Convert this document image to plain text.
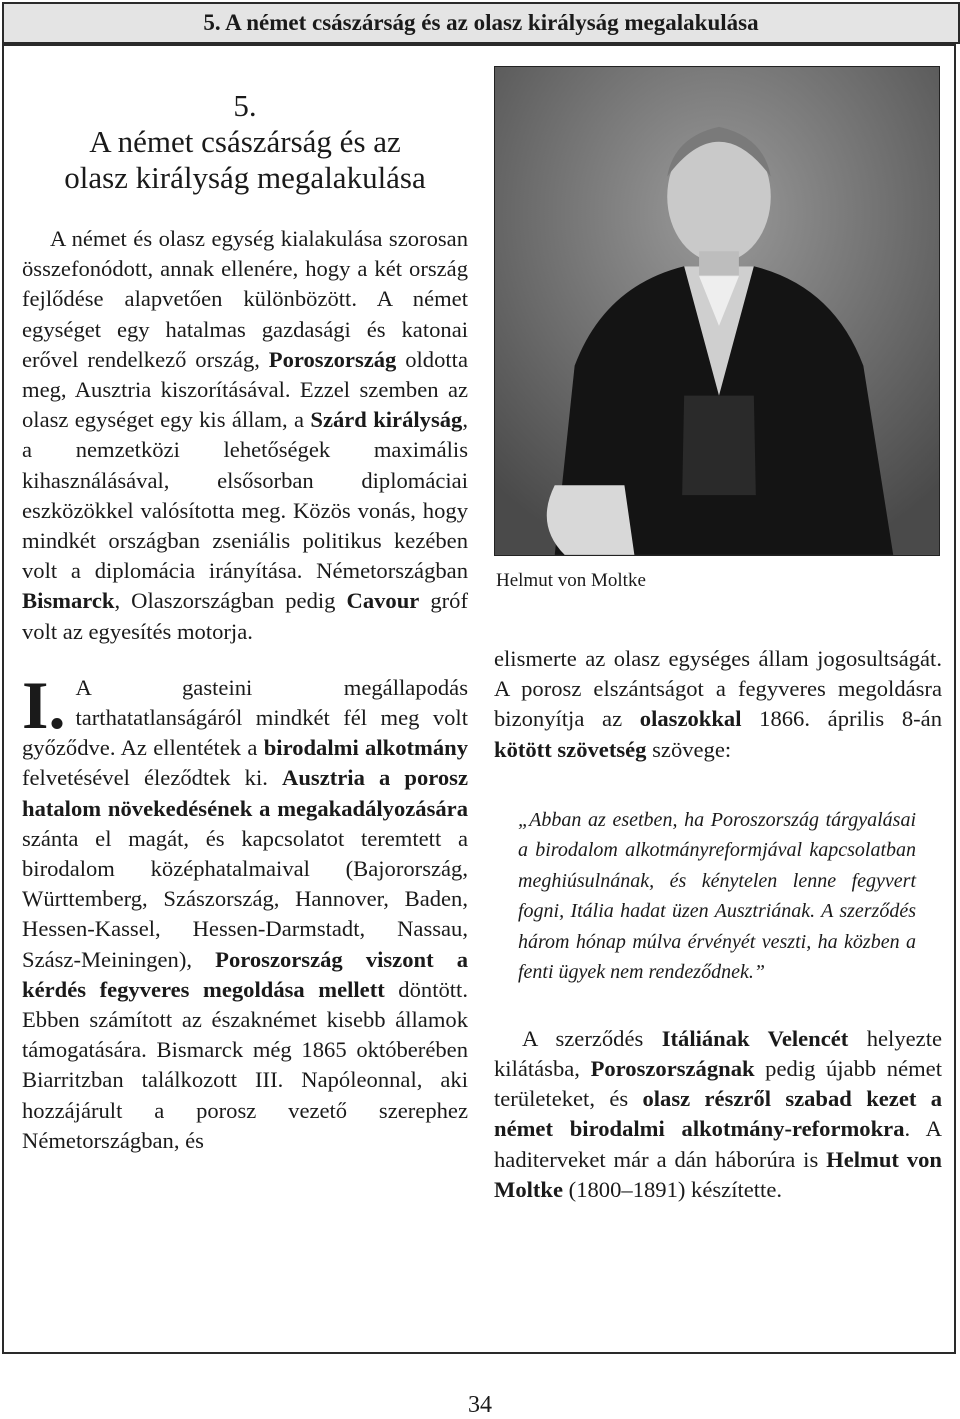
5. A német császárság és az olasz királyság megalakulása
5.
A német császárság és az
olasz királyság megalakulása

A német és olasz egység kialakulása szorosan összefonódott, annak ellenére, hogy a két ország fejlődése alapvetően különbözött. A német egységet egy hatalmas gazdasági és katonai erővel rendelkező ország, Poroszország oldotta meg, Ausztria kiszorításával. Ezzel szemben az olasz egységet egy kis állam, a Szárd királyság, a nemzetközi lehetőségek maximális kihasználásával, elsősorban diplomáciai eszközökkel valósította meg. Közös vonás, hogy mindkét országban zseniális politikus kezében volt a diplomácia irányítása. Németországban Bismarck, Olaszországban pedig Cavour gróf volt az egyesítés motorja.

I. A gasteini megállapodás tarthatatlanságáról mindkét fél meg volt győződve. Az ellentétek a birodalmi alkotmány felvetésével éleződtek ki. Ausztria a porosz hatalom növekedésének a megakadályozására szánta el magát, és kapcsolatot teremtett a birodalom középhatalmaival (Bajorország, Württemberg, Szászország, Hannover, Baden, Hessen-Kassel, Hessen-Darmstadt, Nassau, Szász-Meiningen), Poroszország viszont a kérdés fegyveres megoldása mellett döntött. Ebben számított az északnémet kisebb államok támogatására. Bismarck még 1865 októberében Biarritzban találkozott III. Napóleonnal, aki hozzájárult a porosz vezető szerephez Németországban, és

Helmut von Moltke

elismerte az olasz egységes állam jogosultságát. A porosz elszántságot a fegyveres megoldásra bizonyítja az olaszokkal 1866. április 8-án kötött szövetség szövege:

„Abban az esetben, ha Poroszország tárgyalásai a birodalom alkotmányreformjával kapcsolatban meghiúsulnának, és kénytelen lenne fegyvert fogni, Itália hadat üzen Ausztriának. A szerződés három hónap múlva érvényét veszti, ha közben a fenti ügyek nem rendeződnek.”

A szerződés Itáliának Velencét helyezte kilátásba, Poroszországnak pedig újabb német területeket, és olasz részről szabad kezet a német birodalmi alkotmány-reformokra. A haditerveket már a dán háborúra is Helmut von Moltke (1800–1891) készítette.

34
